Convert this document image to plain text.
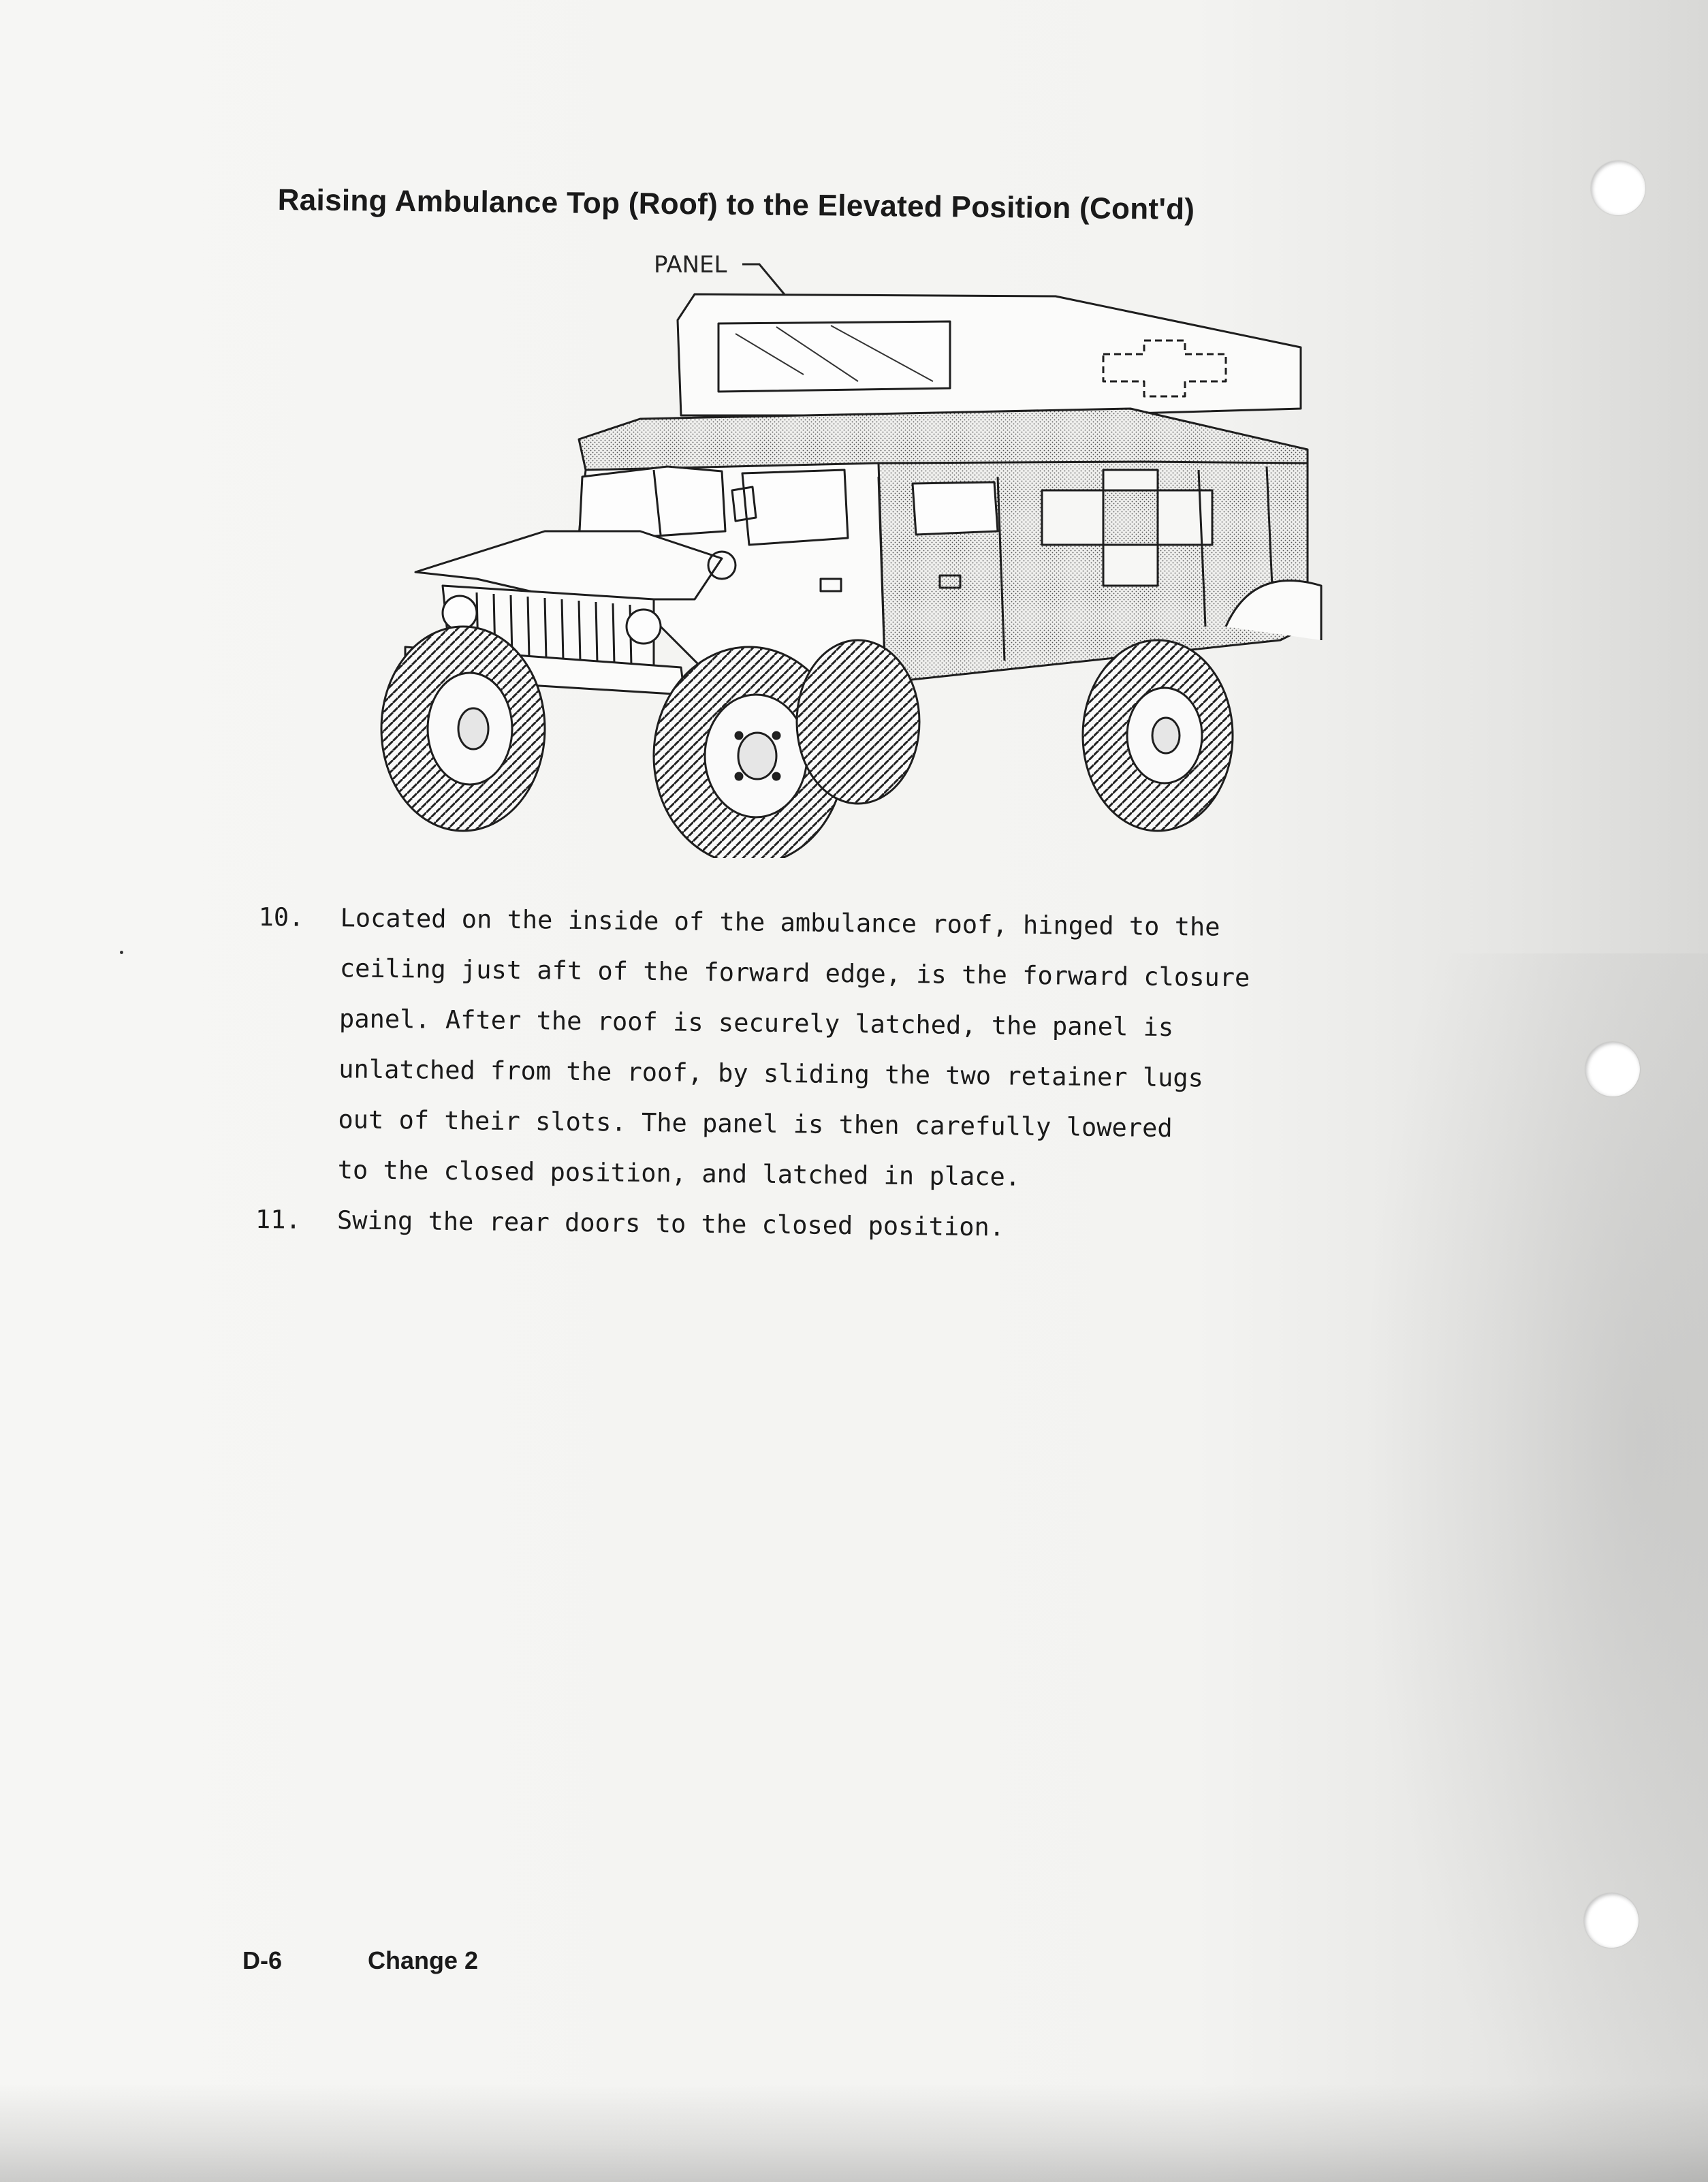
Raising Ambulance Top (Roof) to the Elevated Position (Cont'd)
PANEL
10.	Located on the inside of the ambulance roof, hinged to the
ceiling just aft of the forward edge, is the forward closure
panel. After the roof is securely latched, the panel is
unlatched from the roof, by sliding the two retainer lugs
out of their slots. The panel is then carefully lowered
to the closed position, and latched in place.
11.	Swing the rear doors to the closed position.
D-6	Change 2
